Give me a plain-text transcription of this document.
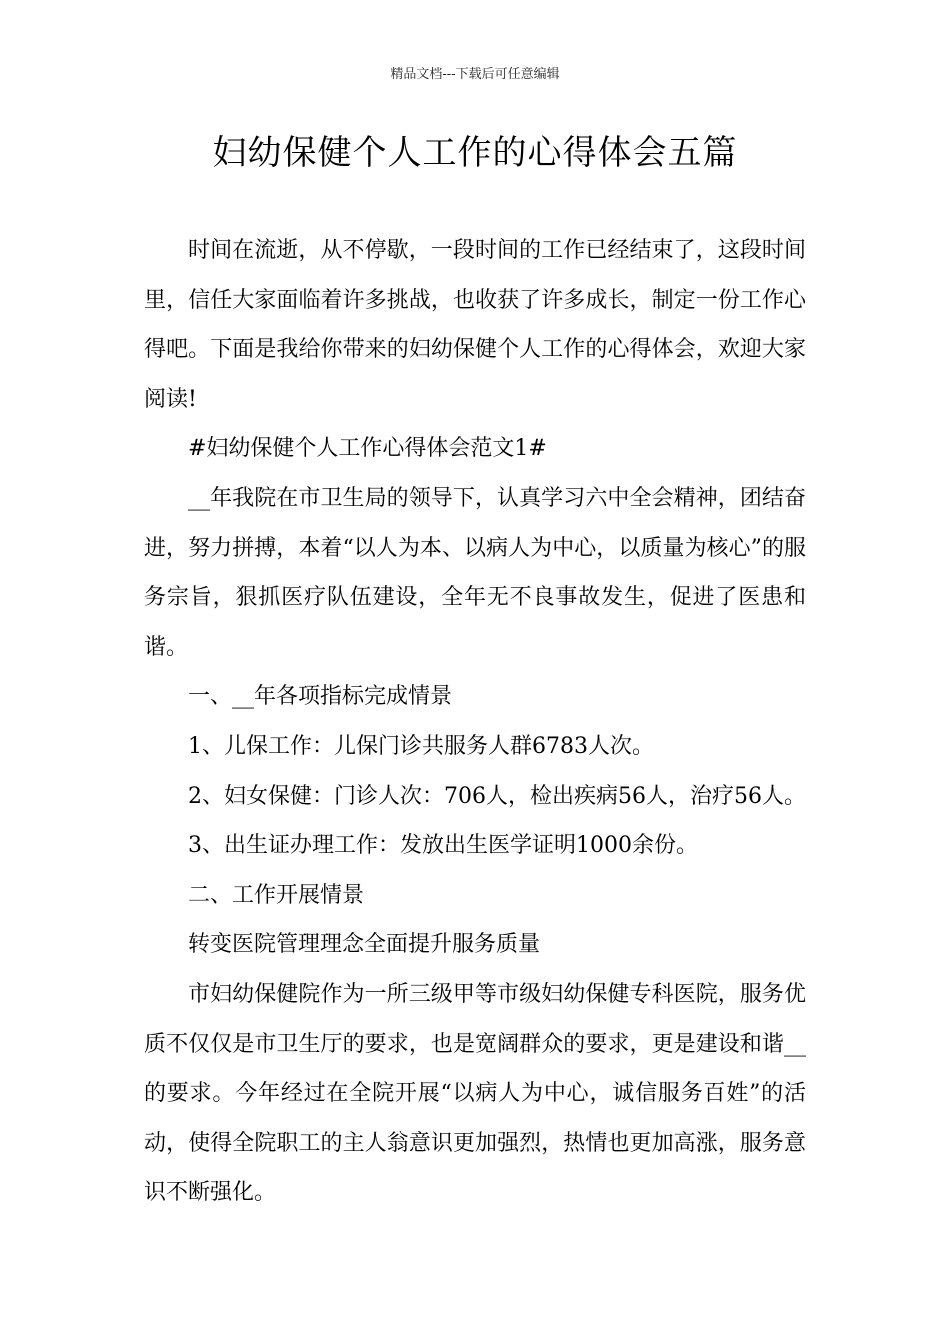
精品文档---下载后可任意编辑
妇幼保健个人工作的心得体会五篇

时间在流逝，从不停歇，一段时间的工作已经结束了，这段时间里，信任大家面临着许多挑战，也收获了许多成长，制定一份工作心得吧。下面是我给你带来的妇幼保健个人工作的心得体会，欢迎大家阅读!

#妇幼保健个人工作心得体会范文1#

__年我院在市卫生局的领导下，认真学习六中全会精神，团结奋进，努力拼搏，本着“以人为本、以病人为中心，以质量为核心”的服务宗旨，狠抓医疗队伍建设，全年无不良事故发生，促进了医患和谐。

一、__年各项指标完成情景

1、儿保工作：儿保门诊共服务人群6783人次。

2、妇女保健：门诊人次：706人，检出疾病56人，治疗56人。

3、出生证办理工作：发放出生医学证明1000余份。

二、工作开展情景

转变医院管理理念全面提升服务质量

市妇幼保健院作为一所三级甲等市级妇幼保健专科医院，服务优质不仅仅是市卫生厅的要求，也是宽阔群众的要求，更是建设和谐__的要求。今年经过在全院开展“以病人为中心，诚信服务百姓”的活动，使得全院职工的主人翁意识更加强烈，热情也更加高涨，服务意识不断强化。
